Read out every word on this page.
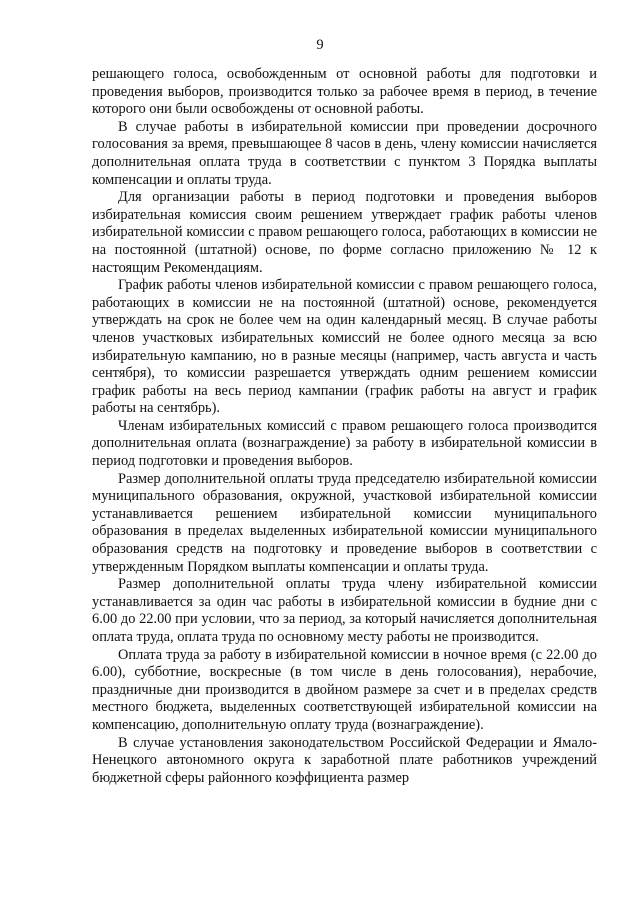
9

решающего голоса, освобожденным от основной работы для подготовки и проведения выборов, производится только за рабочее время в период, в течение которого они были освобождены от основной работы.

В случае работы в избирательной комиссии при проведении досрочного голосования за время, превышающее 8 часов в день, члену комиссии начисляется дополнительная оплата труда в соответствии с пунктом 3 Порядка выплаты компенсации и оплаты труда.

Для организации работы в период подготовки и проведения выборов избирательная комиссия своим решением утверждает график работы членов избирательной комиссии с правом решающего голоса, работающих в комиссии не на постоянной (штатной) основе, по форме согласно приложению № 12 к настоящим Рекомендациям.

График работы членов избирательной комиссии с правом решающего голоса, работающих в комиссии не на постоянной (штатной) основе, рекомендуется утверждать на срок не более чем на один календарный месяц. В случае работы членов участковых избирательных комиссий не более одного месяца за всю избирательную кампанию, но в разные месяцы (например, часть августа и часть сентября), то комиссии разрешается утверждать одним решением комиссии график работы на весь период кампании (график работы на август и график работы на сентябрь).

Членам избирательных комиссий с правом решающего голоса производится дополнительная оплата (вознаграждение) за работу в избирательной комиссии в период подготовки и проведения выборов.

Размер дополнительной оплаты труда председателю избирательной комиссии муниципального образования, окружной, участковой избирательной комиссии устанавливается решением избирательной комиссии муниципального образования в пределах выделенных избирательной комиссии муниципального образования средств на подготовку и проведение выборов в соответствии с утвержденным Порядком выплаты компенсации и оплаты труда.

Размер дополнительной оплаты труда члену избирательной комиссии устанавливается за один час работы в избирательной комиссии в будние дни с 6.00 до 22.00 при условии, что за период, за который начисляется дополнительная оплата труда, оплата труда по основному месту работы не производится.

Оплата труда за работу в избирательной комиссии в ночное время (с 22.00 до 6.00), субботние, воскресные (в том числе в день голосования), нерабочие, праздничные дни производится в двойном размере за счет и в пределах средств местного бюджета, выделенных соответствующей избирательной комиссии на компенсацию, дополнительную оплату труда (вознаграждение).

В случае установления законодательством Российской Федерации и Ямало-Ненецкого автономного округа к заработной плате работников учреждений бюджетной сферы районного коэффициента размер
